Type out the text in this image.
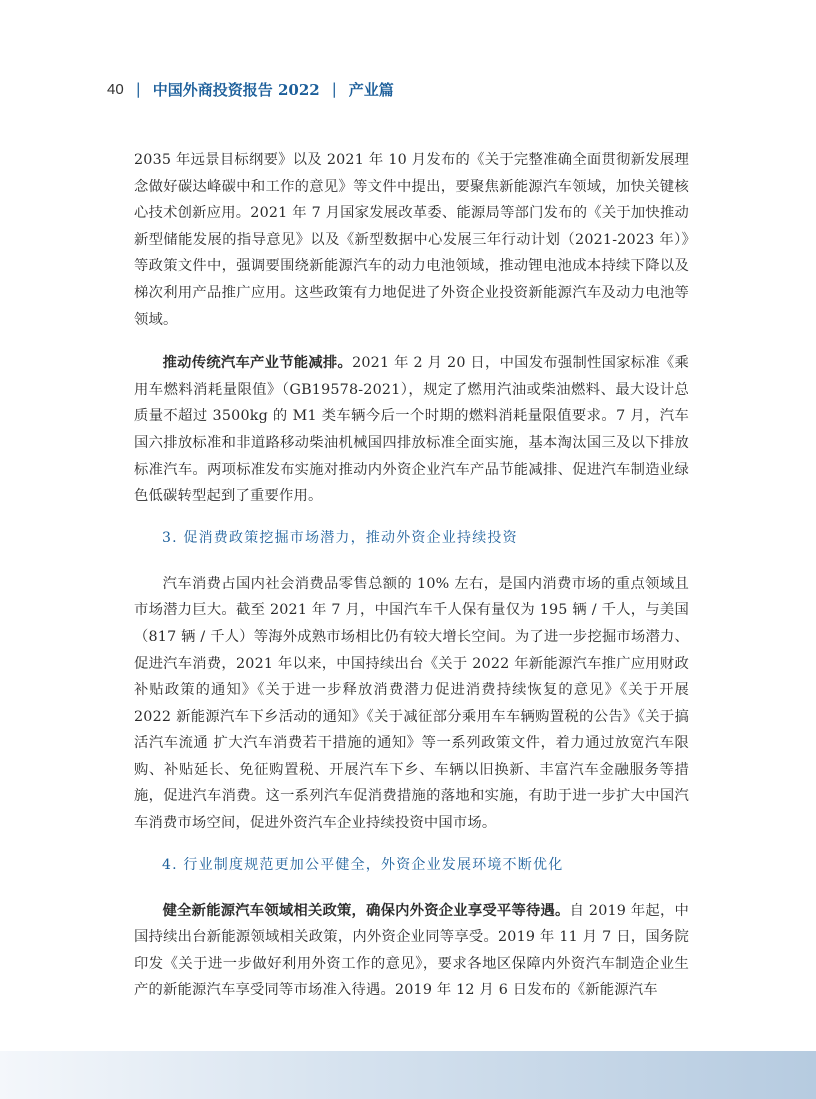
40 | 中国外商投资报告 2022 | 产业篇

2035 年远景目标纲要》以及 2021 年 10 月发布的《关于完整准确全面贯彻新发展理念做好碳达峰碳中和工作的意见》等文件中提出，要聚焦新能源汽车领域，加快关键核心技术创新应用。2021 年 7 月国家发展改革委、能源局等部门发布的《关于加快推动新型储能发展的指导意见》以及《新型数据中心发展三年行动计划（2021-2023 年）》等政策文件中，强调要围绕新能源汽车的动力电池领域，推动锂电池成本持续下降以及梯次利用产品推广应用。这些政策有力地促进了外资企业投资新能源汽车及动力电池等领域。

推动传统汽车产业节能减排。2021 年 2 月 20 日，中国发布强制性国家标准《乘用车燃料消耗量限值》（GB19578-2021），规定了燃用汽油或柴油燃料、最大设计总质量不超过 3500kg 的 M1 类车辆今后一个时期的燃料消耗量限值要求。7 月，汽车国六排放标准和非道路移动柴油机械国四排放标准全面实施，基本淘汰国三及以下排放标准汽车。两项标准发布实施对推动内外资企业汽车产品节能减排、促进汽车制造业绿色低碳转型起到了重要作用。

3. 促消费政策挖掘市场潜力，推动外资企业持续投资

汽车消费占国内社会消费品零售总额的 10% 左右，是国内消费市场的重点领域且市场潜力巨大。截至 2021 年 7 月，中国汽车千人保有量仅为 195 辆 / 千人，与美国（817 辆 / 千人）等海外成熟市场相比仍有较大增长空间。为了进一步挖掘市场潜力、促进汽车消费，2021 年以来，中国持续出台《关于 2022 年新能源汽车推广应用财政补贴政策的通知》《关于进一步释放消费潜力促进消费持续恢复的意见》《关于开展 2022 新能源汽车下乡活动的通知》《关于减征部分乘用车车辆购置税的公告》《关于搞活汽车流通 扩大汽车消费若干措施的通知》等一系列政策文件，着力通过放宽汽车限购、补贴延长、免征购置税、开展汽车下乡、车辆以旧换新、丰富汽车金融服务等措施，促进汽车消费。这一系列汽车促消费措施的落地和实施，有助于进一步扩大中国汽车消费市场空间，促进外资汽车企业持续投资中国市场。

4. 行业制度规范更加公平健全，外资企业发展环境不断优化

健全新能源汽车领域相关政策，确保内外资企业享受平等待遇。自 2019 年起，中国持续出台新能源领域相关政策，内外资企业同等享受。2019 年 11 月 7 日，国务院印发《关于进一步做好利用外资工作的意见》，要求各地区保障内外资汽车制造企业生产的新能源汽车享受同等市场准入待遇。2019 年 12 月 6 日发布的《新能源汽车
